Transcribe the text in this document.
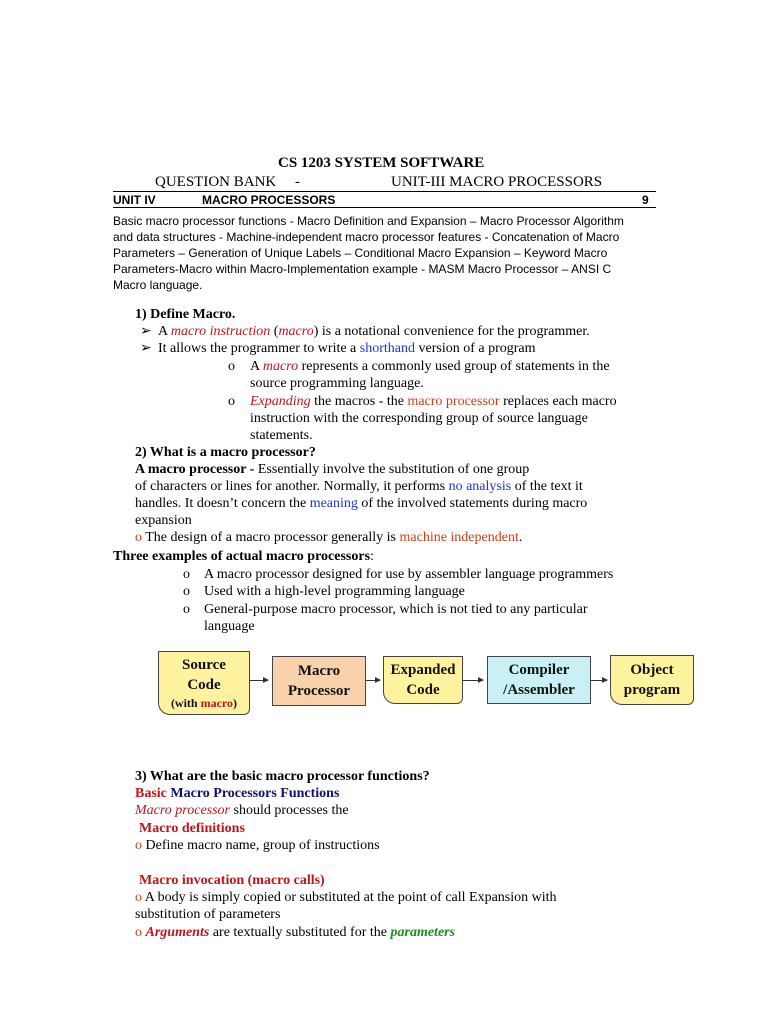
CS 1203 SYSTEM SOFTWARE
QUESTION BANK -	UNIT-III MACRO PROCESSORS
UNIT IV	MACRO PROCESSORS	9
Basic macro processor functions - Macro Definition and Expansion – Macro Processor Algorithm
and data structures - Machine-independent macro processor features - Concatenation of Macro
Parameters – Generation of Unique Labels – Conditional Macro Expansion – Keyword Macro
Parameters-Macro within Macro-Implementation example - MASM Macro Processor – ANSI C
Macro language.
1) Define Macro.
➢ A macro instruction (macro) is a notational convenience for the programmer.
➢ It allows the programmer to write a shorthand version of a program
o A macro represents a commonly used group of statements in the
source programming language.
o Expanding the macros - the macro processor replaces each macro
instruction with the corresponding group of source language
statements.
2) What is a macro processor?
A macro processor - Essentially involve the substitution of one group
of characters or lines for another. Normally, it performs no analysis of the text it
handles. It doesn’t concern the meaning of the involved statements during macro
expansion
o The design of a macro processor generally is machine independent.
Three examples of actual macro processors:
o A macro processor designed for use by assembler language programmers
o Used with a high-level programming language
o General-purpose macro processor, which is not tied to any particular
language
Source
Code
(with macro)
Macro
Processor
Expanded
Code
Compiler
/Assembler
Object
program
3) What are the basic macro processor functions?
Basic Macro Processors Functions
Macro processor should processes the
Macro definitions
o Define macro name, group of instructions
Macro invocation (macro calls)
o A body is simply copied or substituted at the point of call Expansion with
substitution of parameters
o Arguments are textually substituted for the parameters
